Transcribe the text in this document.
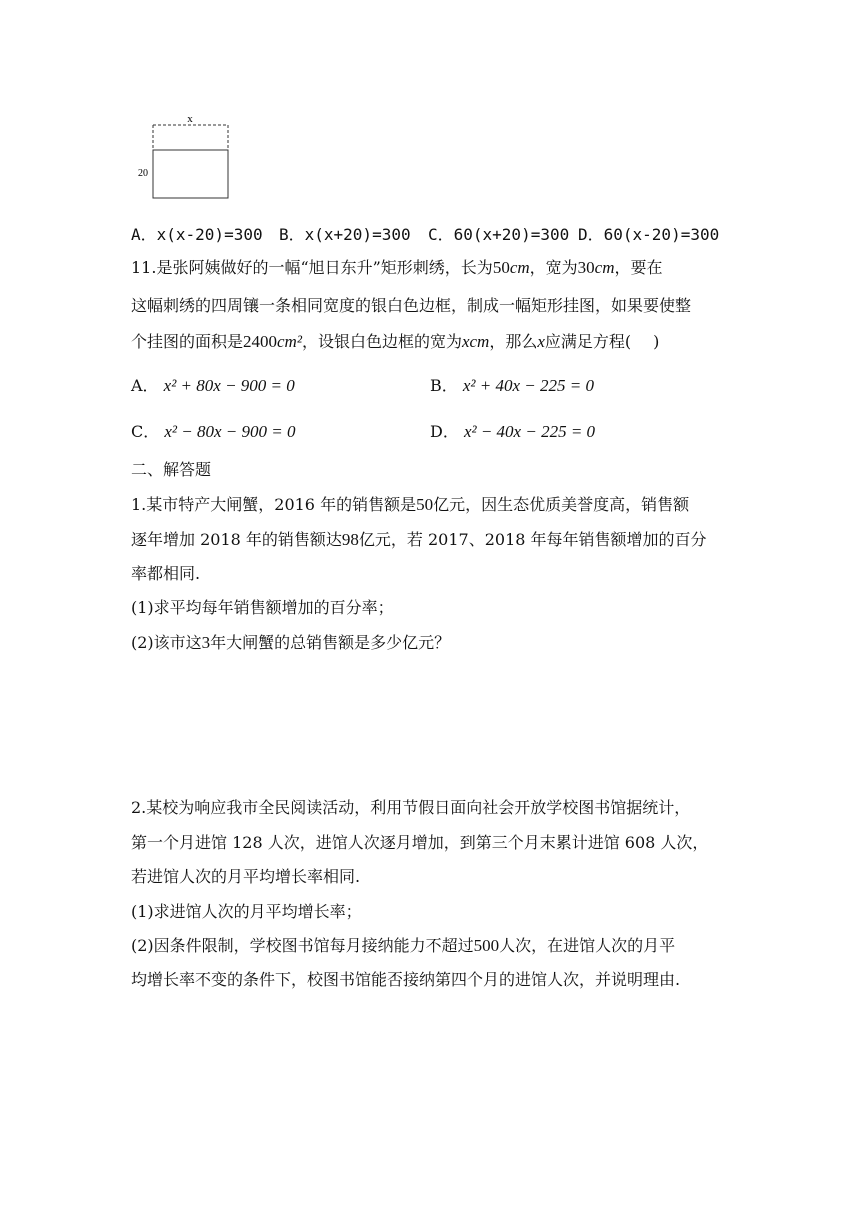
x
20
A．x(x-20)=300 B．x(x+20)=300 C．60(x+20)=300 D．60(x-20)=300
11.是张阿姨做好的一幅“旭日东升”矩形刺绣，长为50cm，宽为30cm，要在
这幅刺绣的四周镶一条相同宽度的银白色边框，制成一幅矩形挂图，如果要使整
个挂图的面积是2400cm²，设银白色边框的宽为xcm，那么x应满足方程( )
A． x² + 80x − 900 = 0	B． x² + 40x − 225 = 0
C． x² − 80x − 900 = 0	D． x² − 40x − 225 = 0
二、解答题
1.某市特产大闸蟹，2016 年的销售额是50亿元，因生态优质美誉度高，销售额
逐年增加 2018 年的销售额达98亿元，若 2017、2018 年每年销售额增加的百分
率都相同.
(1)求平均每年销售额增加的百分率；
(2)该市这3年大闸蟹的总销售额是多少亿元？
2.某校为响应我市全民阅读活动，利用节假日面向社会开放学校图书馆据统计，
第一个月进馆 128 人次，进馆人次逐月增加，到第三个月末累计进馆 608 人次，
若进馆人次的月平均增长率相同.
(1)求进馆人次的月平均增长率；
(2)因条件限制，学校图书馆每月接纳能力不超过500人次，在进馆人次的月平
均增长率不变的条件下，校图书馆能否接纳第四个月的进馆人次，并说明理由.
